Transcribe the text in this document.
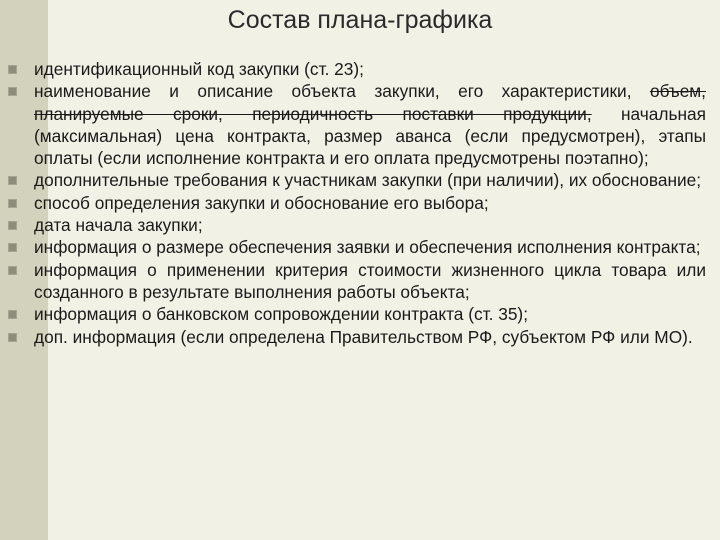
Состав плана-графика
идентификационный код закупки (ст. 23);
наименование и описание объекта закупки, его характеристики, объем, планируемые сроки, периодичность поставки продукции, начальная (максимальная) цена контракта, размер аванса (если предусмотрен), этапы оплаты (если исполнение контракта и его оплата предусмотрены поэтапно);
дополнительные требования к участникам закупки (при наличии), их обоснование;
способ определения закупки и обоснование его выбора;
дата начала закупки;
информация о размере обеспечения заявки и обеспечения исполнения контракта;
информация о применении критерия стоимости жизненного цикла товара или созданного в результате выполнения работы объекта;
информация о банковском сопровождении контракта (ст. 35);
доп. информация (если определена Правительством РФ, субъектом РФ или МО).
